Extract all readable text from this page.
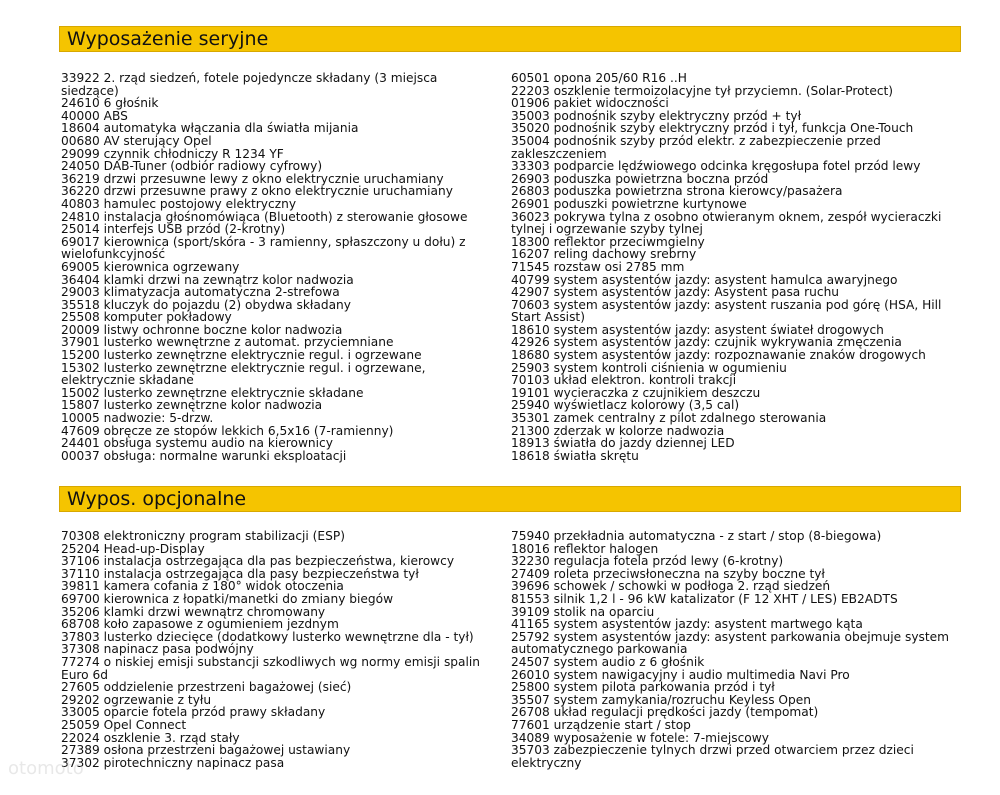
Wyposażenie seryjne
33922 2. rząd siedzeń, fotele pojedyncze składany (3 miejsca siedzące)
24610 6 głośnik
40000 ABS
18604 automatyka włączania dla światła mijania
00680 AV sterujący Opel
29099 czynnik chłodniczy R 1234 YF
24050 DAB-Tuner (odbiór radiowy cyfrowy)
36219 drzwi przesuwne lewy z okno elektrycznie uruchamiany
36220 drzwi przesuwne prawy z okno elektrycznie uruchamiany
40803 hamulec postojowy elektryczny
24810 instalacja głośnomówiąca (Bluetooth) z sterowanie głosowe
25014 interfejs USB przód (2-krotny)
69017 kierownica (sport/skóra - 3 ramienny, spłaszczony u dołu) z wielofunkcyjność
69005 kierownica ogrzewany
36404 klamki drzwi na zewnątrz kolor nadwozia
29003 klimatyzacja automatyczna 2-strefowa
35518 kluczyk do pojazdu (2) obydwa składany
25508 komputer pokładowy
20009 listwy ochronne boczne kolor nadwozia
37901 lusterko wewnętrzne z automat. przyciemniane
15200 lusterko zewnętrzne elektrycznie regul. i ogrzewane
15302 lusterko zewnętrzne elektrycznie regul. i ogrzewane, elektrycznie składane
15002 lusterko zewnętrzne elektrycznie składane
15807 lusterko zewnętrzne kolor nadwozia
10005 nadwozie: 5-drzw.
47609 obręcze ze stopów lekkich 6,5x16 (7-ramienny)
24401 obsługa systemu audio na kierownicy
00037 obsługa: normalne warunki eksploatacji
60501 opona 205/60 R16 ..H
22203 oszklenie termoizolacyjne tył przyciemn. (Solar-Protect)
01906 pakiet widoczności
35003 podnośnik szyby elektryczny przód + tył
35020 podnośnik szyby elektryczny przód i tył, funkcja One-Touch
35004 podnośnik szyby przód elektr. z zabezpieczenie przed zakleszczeniem
33303 podparcie lędźwiowego odcinka kręgosłupa fotel przód lewy
26903 poduszka powietrzna boczna przód
26803 poduszka powietrzna strona kierowcy/pasażera
26901 poduszki powietrzne kurtynowe
36023 pokrywa tylna z osobno otwieranym oknem, zespół wycieraczki tylnej i ogrzewanie szyby tylnej
18300 reflektor przeciwmgielny
16207 reling dachowy srebrny
71545 rozstaw osi 2785 mm
40799 system asystentów jazdy: asystent hamulca awaryjnego
42907 system asystentów jazdy: Asystent pasa ruchu
70603 system asystentów jazdy: asystent ruszania pod górę (HSA, Hill Start Assist)
18610 system asystentów jazdy: asystent świateł drogowych
42926 system asystentów jazdy: czujnik wykrywania zmęczenia
18680 system asystentów jazdy: rozpoznawanie znaków drogowych
25903 system kontroli ciśnienia w ogumieniu
70103 układ elektron. kontroli trakcji
19101 wycieraczka z czujnikiem deszczu
25940 wyświetlacz kolorowy (3,5 cal)
35301 zamek centralny z pilot zdalnego sterowania
21300 zderzak w kolorze nadwozia
18913 światła do jazdy dziennej LED
18618 światła skrętu
Wypos. opcjonalne
70308 elektroniczny program stabilizacji (ESP)
25204 Head-up-Display
37106 instalacja ostrzegająca dla pas bezpieczeństwa, kierowcy
37110 instalacja ostrzegająca dla pasy bezpieczeństwa tył
39811 kamera cofania z 180° widok otoczenia
69700 kierownica z łopatki/manetki do zmiany biegów
35206 klamki drzwi wewnątrz chromowany
68708 koło zapasowe z ogumieniem jezdnym
37803 lusterko dziecięce (dodatkowy lusterko wewnętrzne dla - tył)
37308 napinacz pasa podwójny
77274 o niskiej emisji substancji szkodliwych wg normy emisji spalin Euro 6d
27605 oddzielenie przestrzeni bagażowej (sieć)
29202 ogrzewanie z tyłu
33005 oparcie fotela przód prawy składany
25059 Opel Connect
22024 oszklenie 3. rząd stały
27389 osłona przestrzeni bagażowej ustawiany
37302 pirotechniczny napinacz pasa
75940 przekładnia automatyczna - z start / stop (8-biegowa)
18016 reflektor halogen
32230 regulacja fotela przód lewy (6-krotny)
27409 roleta przeciwsłoneczna na szyby boczne tył
39696 schowek / schowki w podłoga 2. rząd siedzeń
81553 silnik 1,2 l - 96 kW katalizator (F 12 XHT / LES) EB2ADTS
39109 stolik na oparciu
41165 system asystentów jazdy: asystent martwego kąta
25792 system asystentów jazdy: asystent parkowania obejmuje system automatycznego parkowania
24507 system audio z 6 głośnik
26010 system nawigacyjny i audio multimedia Navi Pro
25800 system pilota parkowania przód i tył
35507 system zamykania/rozruchu Keyless Open
26708 układ regulacji prędkości jazdy (tempomat)
77601 urządzenie start / stop
34089 wyposażenie w fotele: 7-miejscowy
35703 zabezpieczenie tylnych drzwi przed otwarciem przez dzieci elektryczny
otomoto
